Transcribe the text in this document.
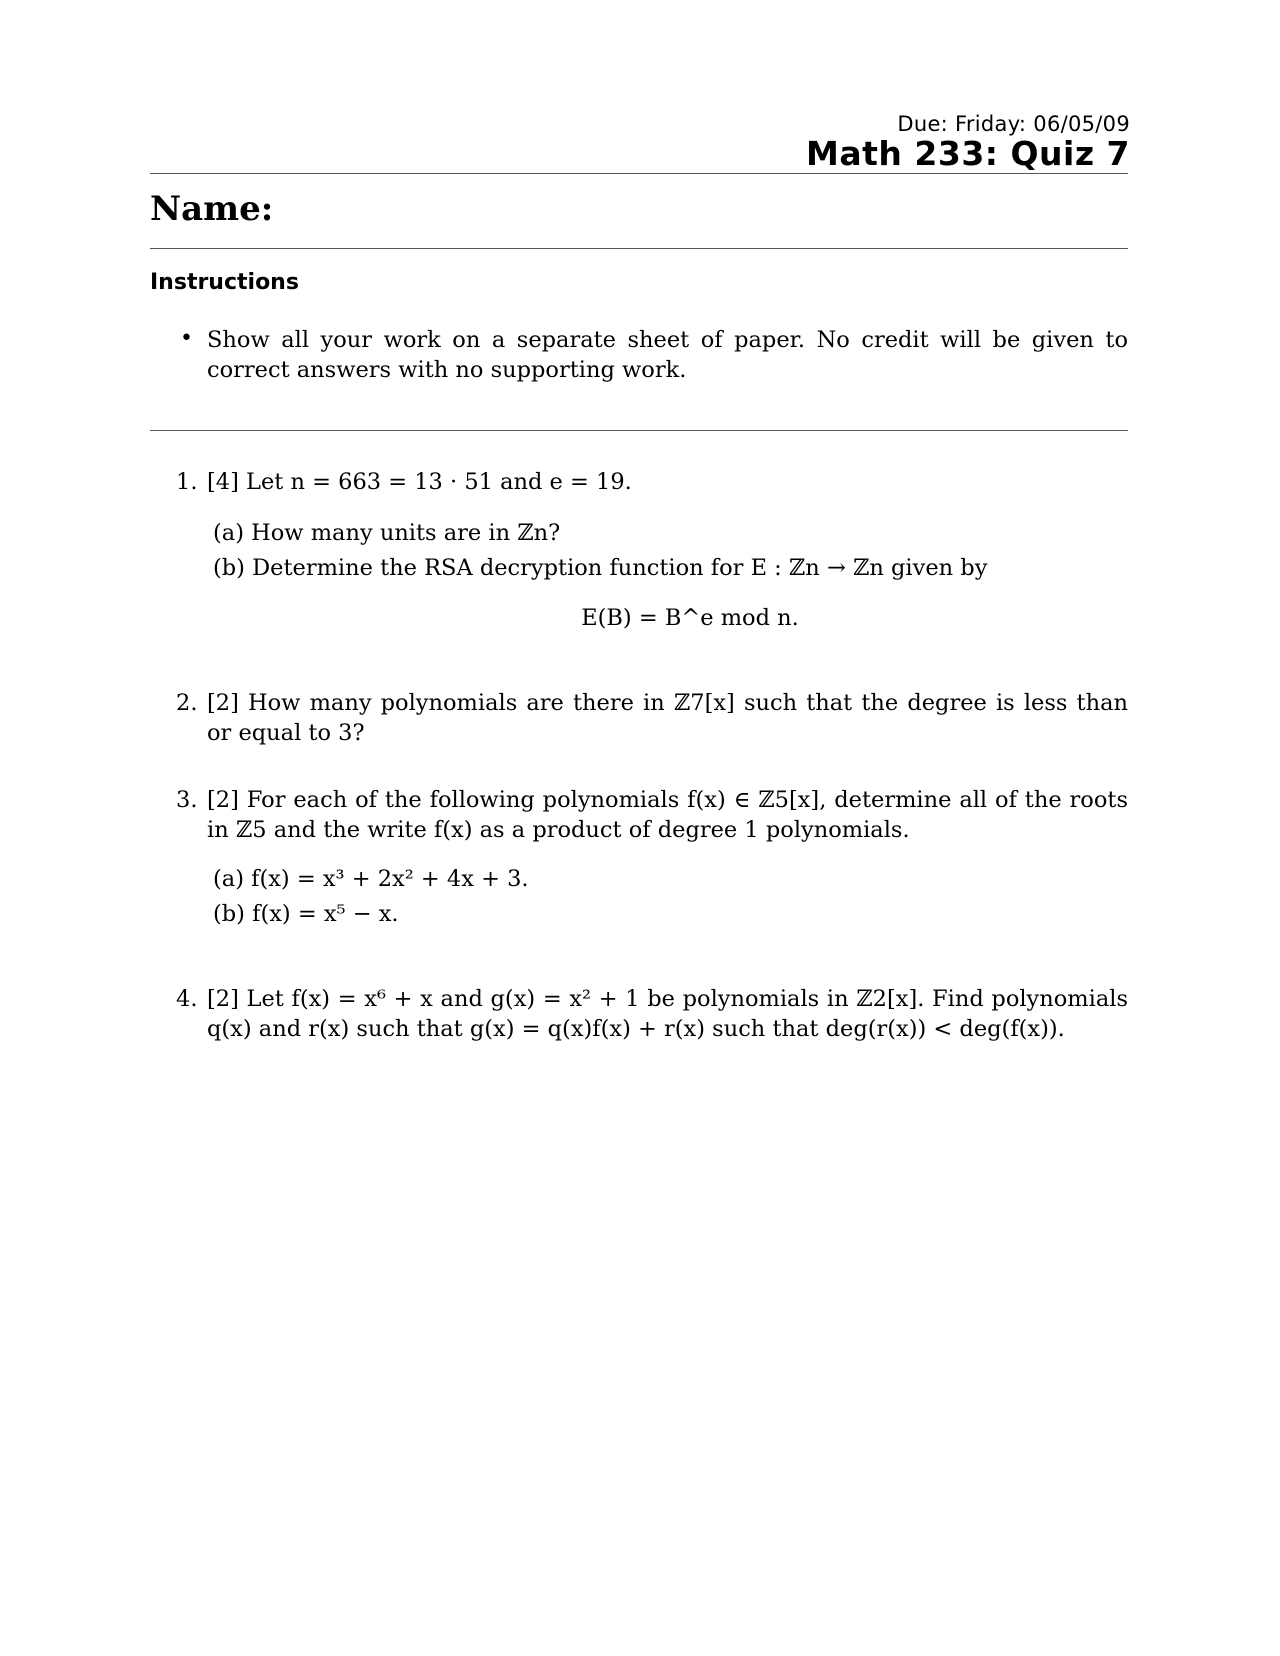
Due: Friday: 06/05/09
Math 233: Quiz 7
Name:
Instructions
• Show all your work on a separate sheet of paper. No credit will be given to correct answers with no supporting work.
1. [4] Let n = 663 = 13 · 51 and e = 19.
(a) How many units are in ℤn?
(b) Determine the RSA decryption function for E : ℤn → ℤn given by
E(B) = B^e mod n.
2. [2] How many polynomials are there in ℤ7[x] such that the degree is less than or equal to 3?
3. [2] For each of the following polynomials f(x) ∈ ℤ5[x], determine all of the roots in ℤ5 and the write f(x) as a product of degree 1 polynomials.
(a) f(x) = x³ + 2x² + 4x + 3.
(b) f(x) = x⁵ − x.
4. [2] Let f(x) = x⁶ + x and g(x) = x² + 1 be polynomials in ℤ2[x]. Find polynomials q(x) and r(x) such that g(x) = q(x)f(x) + r(x) such that deg(r(x)) < deg(f(x)).
